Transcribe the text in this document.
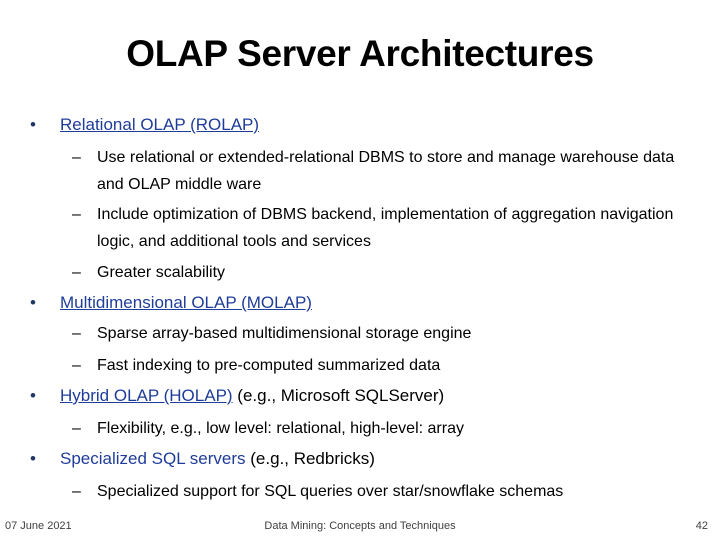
OLAP Server Architectures
• Relational OLAP (ROLAP)
–	Use relational or extended-relational DBMS to store and manage warehouse data and OLAP middle ware
–	Include optimization of DBMS backend, implementation of aggregation navigation logic, and additional tools and services
–	Greater scalability
• Multidimensional OLAP (MOLAP)
–	Sparse array-based multidimensional storage engine
–	Fast indexing to pre-computed summarized data
• Hybrid OLAP (HOLAP) (e.g., Microsoft SQLServer)
–	Flexibility, e.g., low level: relational, high-level: array
• Specialized SQL servers (e.g., Redbricks)
–	Specialized support for SQL queries over star/snowflake schemas
07 June 2021	Data Mining: Concepts and Techniques	42
